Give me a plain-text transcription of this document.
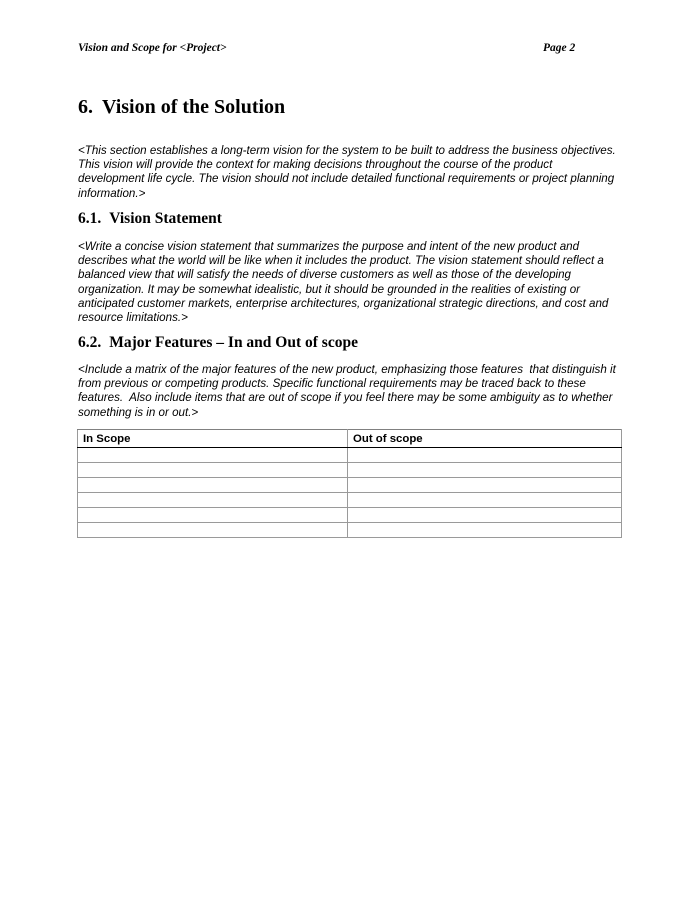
Vision and Scope for <Project>	Page 2
6. Vision of the Solution
<This section establishes a long-term vision for the system to be built to address the business objectives. This vision will provide the context for making decisions throughout the course of the product development life cycle. The vision should not include detailed functional requirements or project planning information.>
6.1. Vision Statement
<Write a concise vision statement that summarizes the purpose and intent of the new product and describes what the world will be like when it includes the product. The vision statement should reflect a balanced view that will satisfy the needs of diverse customers as well as those of the developing organization. It may be somewhat idealistic, but it should be grounded in the realities of existing or anticipated customer markets, enterprise architectures, organizational strategic directions, and cost and resource limitations.>
6.2. Major Features – In and Out of scope
<Include a matrix of the major features of the new product, emphasizing those features  that distinguish it from previous or competing products. Specific functional requirements may be traced back to these features.  Also include items that are out of scope if you feel there may be some ambiguity as to whether something is in or out.>
In Scope	Out of scope
